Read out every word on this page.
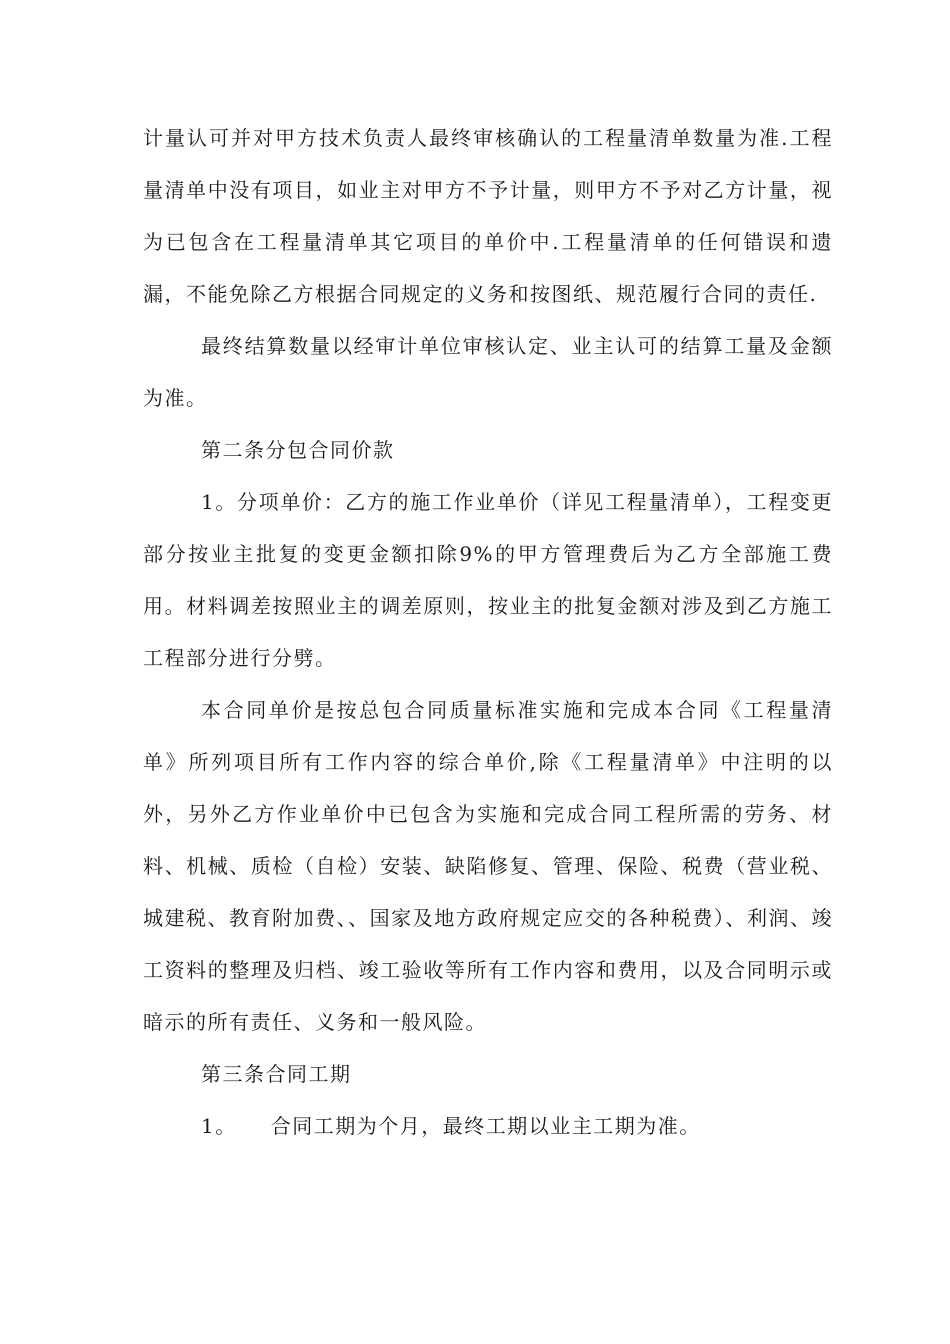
计量认可并对甲方技术负责人最终审核确认的工程量清单数量为准.工程量清单中没有项目，如业主对甲方不予计量，则甲方不予对乙方计量，视为已包含在工程量清单其它项目的单价中.工程量清单的任何错误和遗漏，不能免除乙方根据合同规定的义务和按图纸、规范履行合同的责任.

最终结算数量以经审计单位审核认定、业主认可的结算工量及金额为准。

第二条分包合同价款

1。分项单价：乙方的施工作业单价（详见工程量清单），工程变更部分按业主批复的变更金额扣除9%的甲方管理费后为乙方全部施工费用。材料调差按照业主的调差原则，按业主的批复金额对涉及到乙方施工工程部分进行分劈。

本合同单价是按总包合同质量标准实施和完成本合同《工程量清单》所列项目所有工作内容的综合单价,除《工程量清单》中注明的以外，另外乙方作业单价中已包含为实施和完成合同工程所需的劳务、材料、机械、质检（自检）安装、缺陷修复、管理、保险、税费（营业税、城建税、教育附加费、、国家及地方政府规定应交的各种税费）、利润、竣工资料的整理及归档、竣工验收等所有工作内容和费用，以及合同明示或暗示的所有责任、义务和一般风险。

第三条合同工期

1。 合同工期为个月，最终工期以业主工期为准。
